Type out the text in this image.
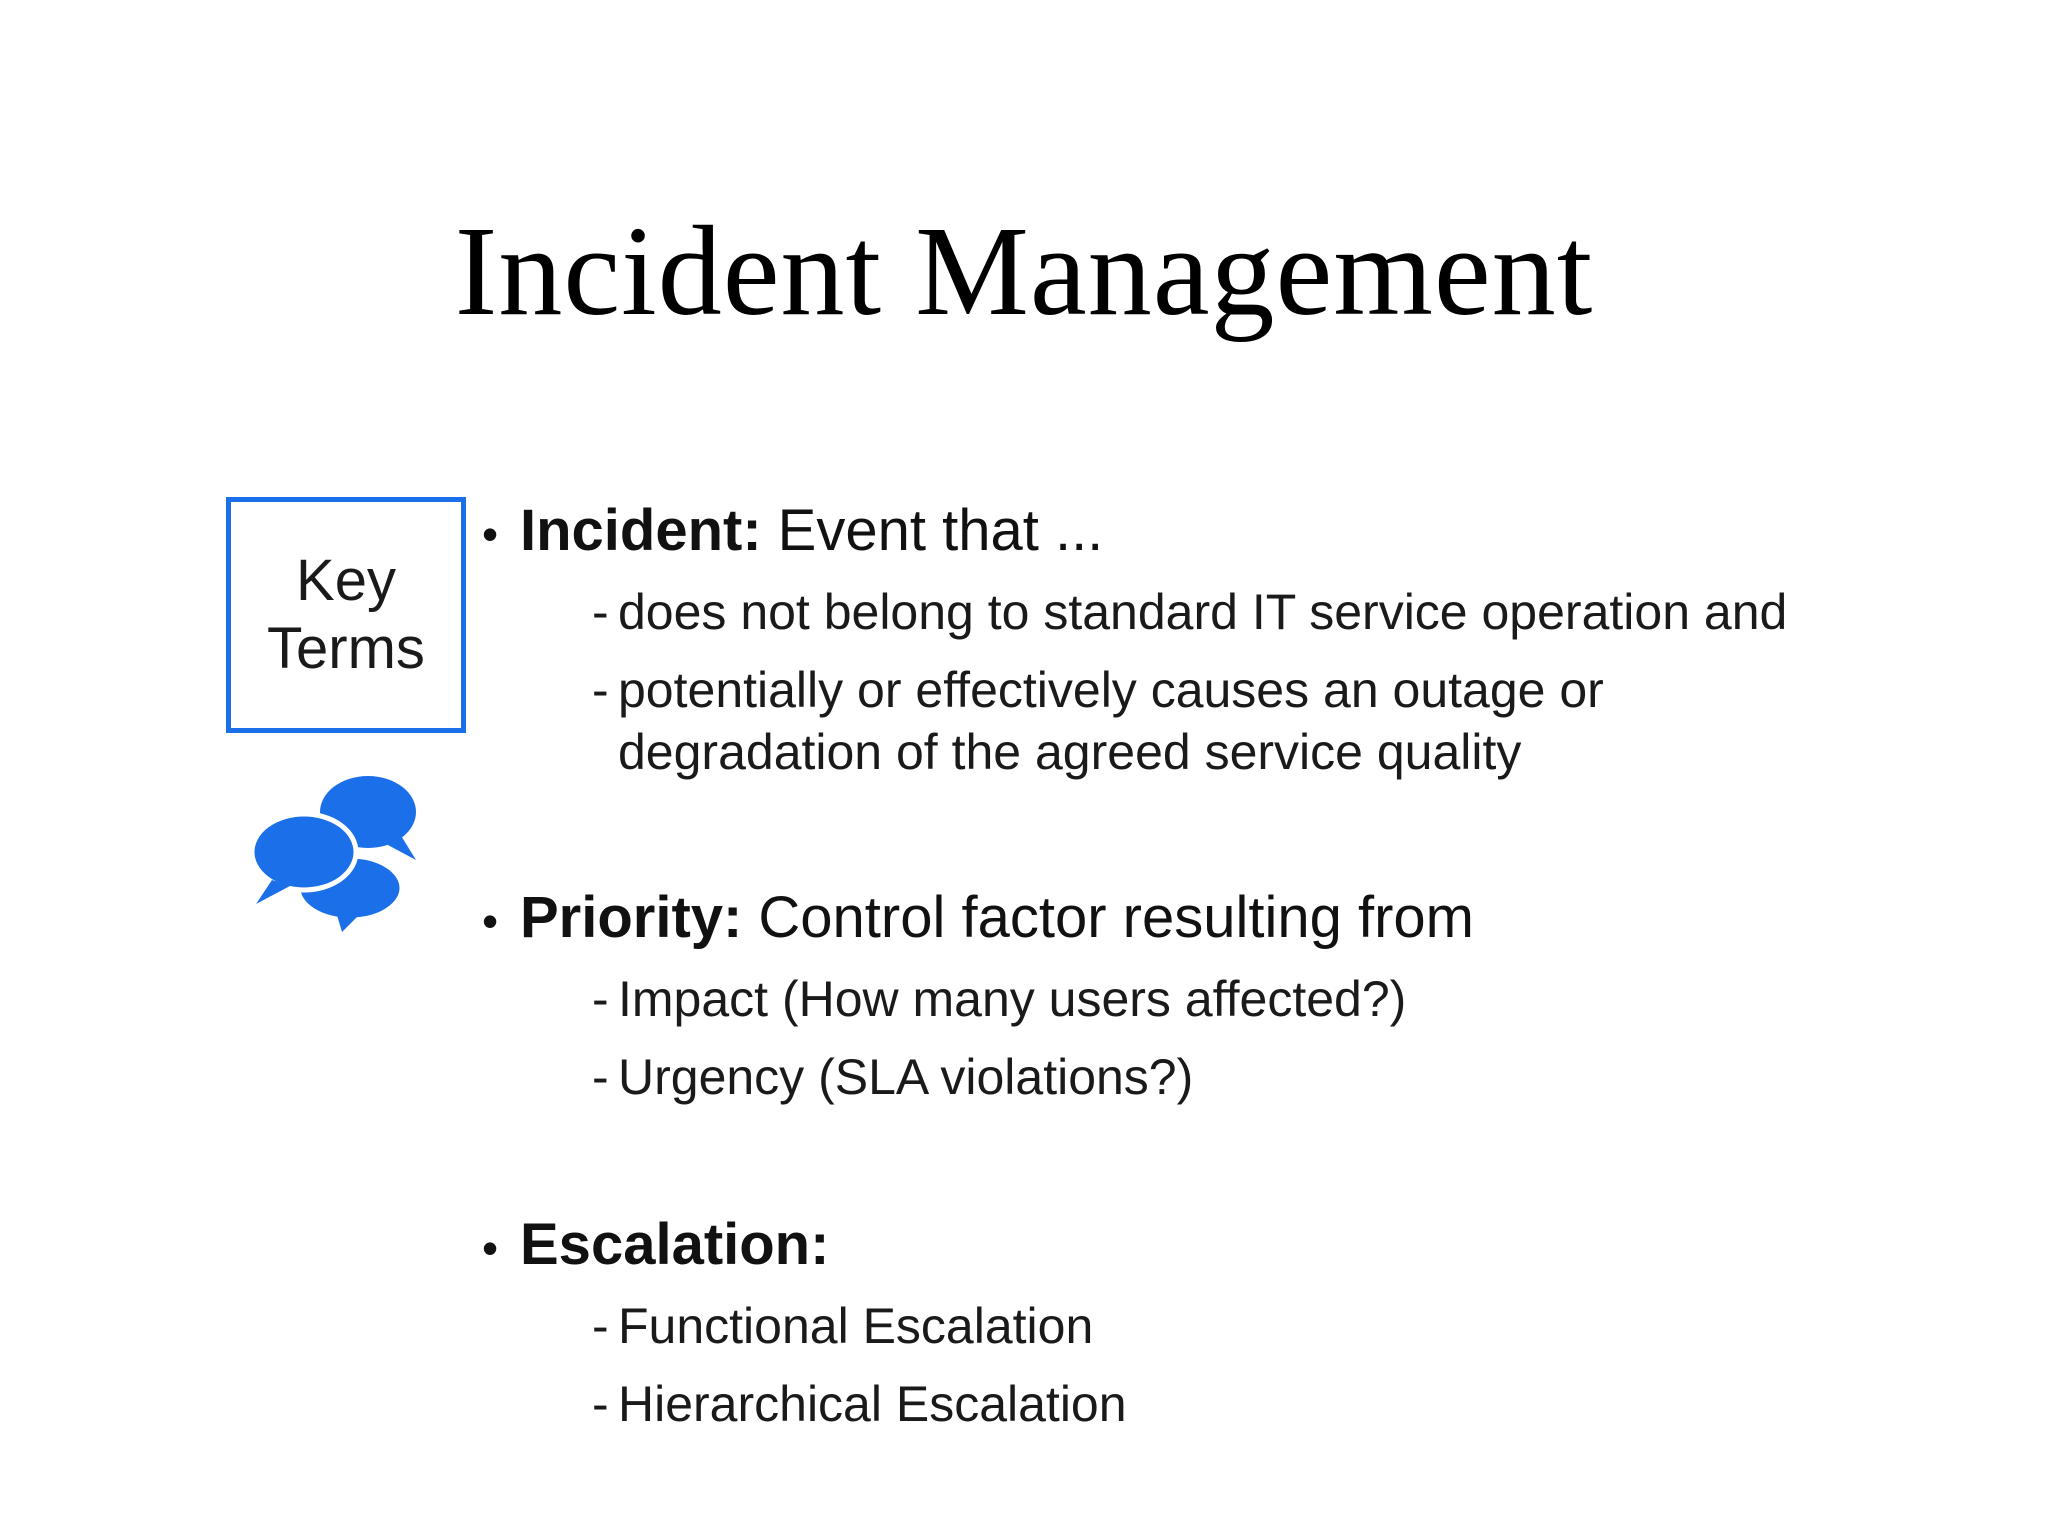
Incident Management
Key
Terms
• Incident: Event that ...
- does not belong to standard IT service operation and
- potentially or effectively causes an outage or degradation of the agreed service quality
• Priority: Control factor resulting from
- Impact (How many users affected?)
- Urgency (SLA violations?)
• Escalation:
- Functional Escalation
- Hierarchical Escalation
